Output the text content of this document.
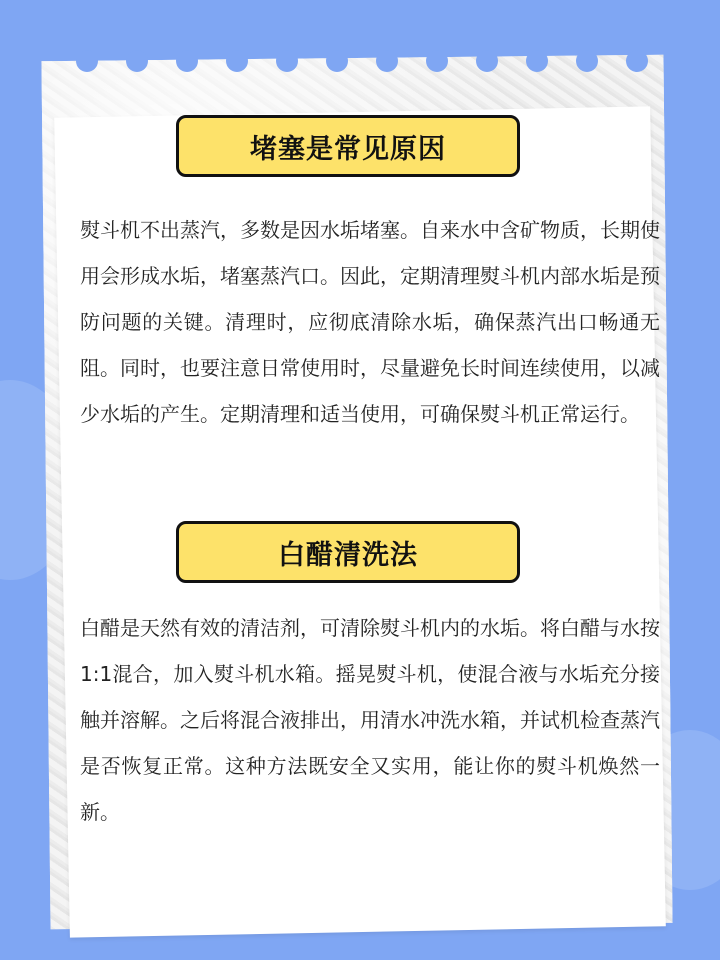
堵塞是常见原因
熨斗机不出蒸汽，多数是因水垢堵塞。自来水中含矿物质，长期使用会形成水垢，堵塞蒸汽口。因此，定期清理熨斗机内部水垢是预防问题的关键。清理时，应彻底清除水垢，确保蒸汽出口畅通无阻。同时，也要注意日常使用时，尽量避免长时间连续使用，以减少水垢的产生。定期清理和适当使用，可确保熨斗机正常运行。
白醋清洗法
白醋是天然有效的清洁剂，可清除熨斗机内的水垢。将白醋与水按1:1混合，加入熨斗机水箱。摇晃熨斗机，使混合液与水垢充分接触并溶解。之后将混合液排出，用清水冲洗水箱，并试机检查蒸汽是否恢复正常。这种方法既安全又实用，能让你的熨斗机焕然一新。
